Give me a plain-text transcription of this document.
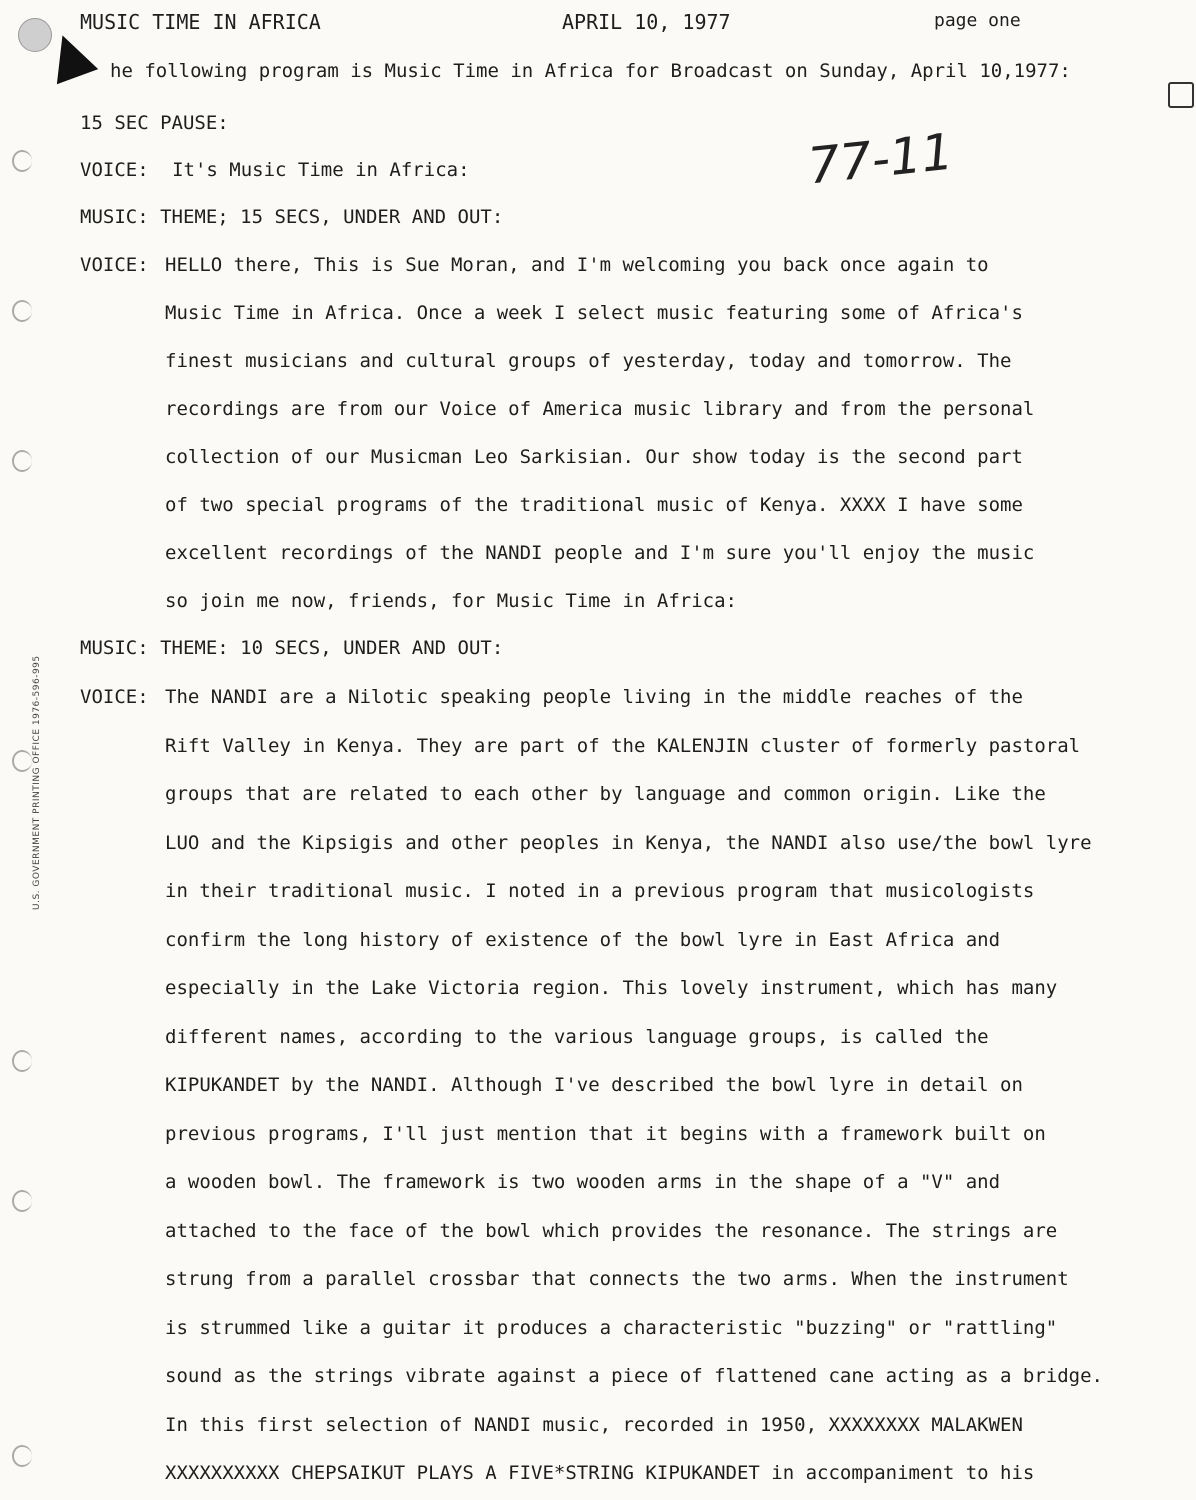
U.S. GOVERNMENT PRINTING OFFICE 1976-596-995
MUSIC TIME IN AFRICA	APRIL 10, 1977	page one
77-11
he following program is Music Time in Africa for Broadcast on Sunday, April 10,1977:
15 SEC PAUSE:
VOICE: It's Music Time in Africa:
MUSIC: THEME; 15 SECS, UNDER AND OUT:
VOICE: HELLO there, This is Sue Moran, and I'm welcoming you back once again to
Music Time in Africa. Once a week I select music featuring some of Africa's
finest musicians and cultural groups of yesterday, today and tomorrow. The
recordings are from our Voice of America music library and from the personal
collection of our Musicman Leo Sarkisian. Our show today is the second part
of two special programs of the traditional music of Kenya. XXXX I have some
excellent recordings of the NANDI people and I'm sure you'll enjoy the music
so join me now, friends, for Music Time in Africa:
MUSIC: THEME: 10 SECS, UNDER AND OUT:
VOICE: The NANDI are a Nilotic speaking people living in the middle reaches of the
Rift Valley in Kenya. They are part of the KALENJIN cluster of formerly pastoral
groups that are related to each other by language and common origin. Like the
LUO and the Kipsigis and other peoples in Kenya, the NANDI also use/the bowl lyre
in their traditional music. I noted in a previous program that musicologists
confirm the long history of existence of the bowl lyre in East Africa and
especially in the Lake Victoria region. This lovely instrument, which has many
different names, according to the various language groups, is called the
KIPUKANDET by the NANDI. Although I've described the bowl lyre in detail on
previous programs, I'll just mention that it begins with a framework built on
a wooden bowl. The framework is two wooden arms in the shape of a "V" and
attached to the face of the bowl which provides the resonance. The strings are
strung from a parallel crossbar that connects the two arms. When the instrument
is strummed like a guitar it produces a characteristic "buzzing" or "rattling"
sound as the strings vibrate against a piece of flattened cane acting as a bridge.
In this first selection of NANDI music, recorded in 1950, XXXXXXXX MALAKWEN
XXXXXXXXXX CHEPSAIKUT PLAYS A FIVE*STRING KIPUKANDET in accompaniment to his
